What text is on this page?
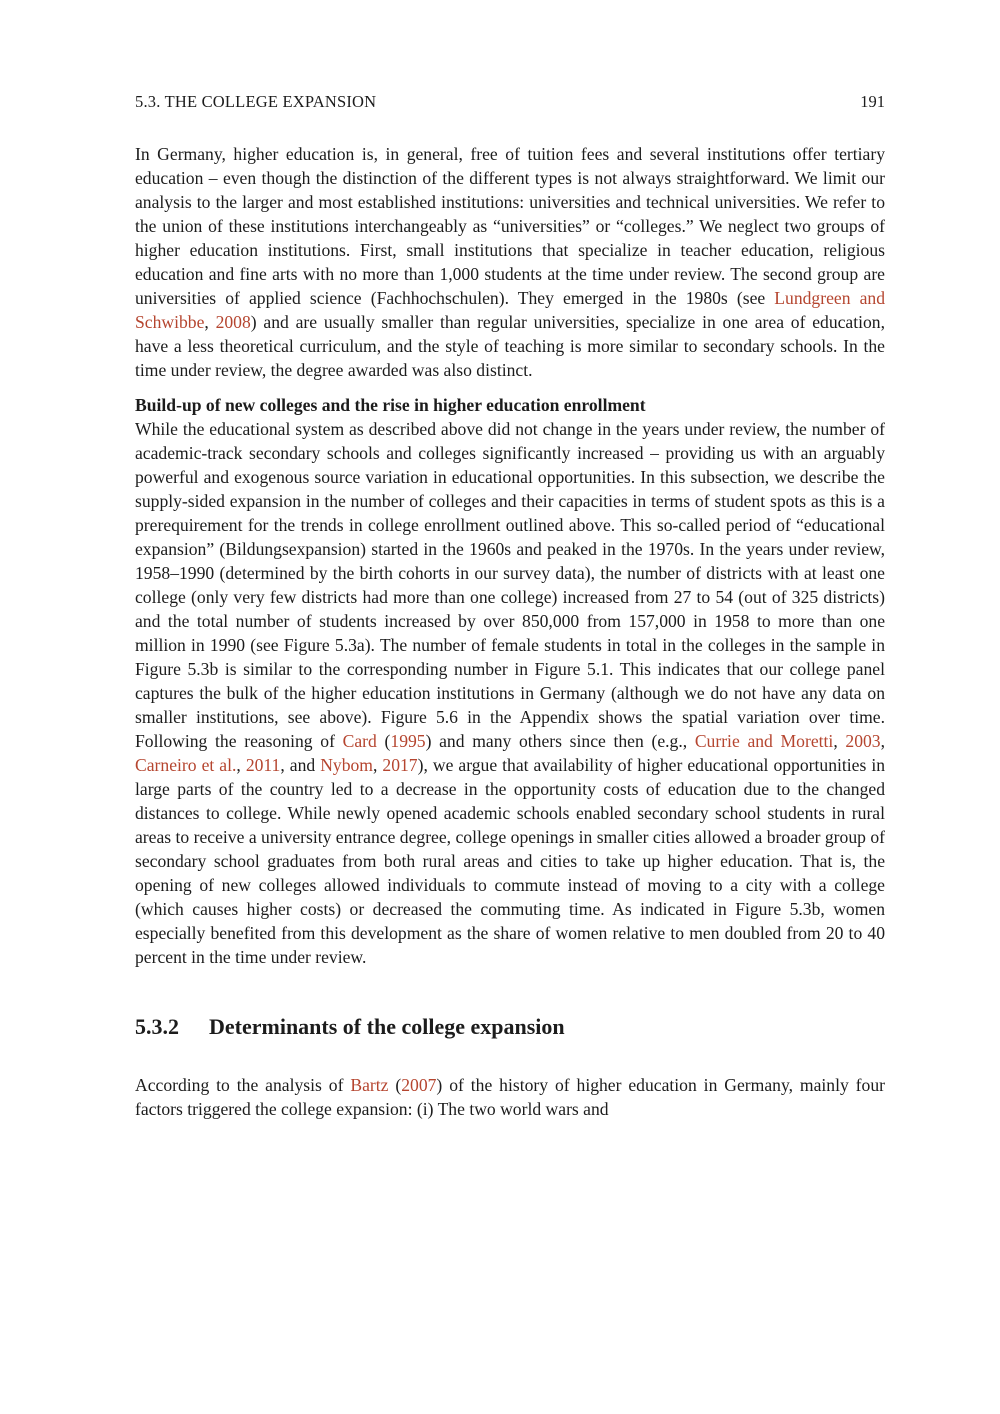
5.3. THE COLLEGE EXPANSION	191

In Germany, higher education is, in general, free of tuition fees and several institutions offer tertiary education – even though the distinction of the different types is not always straightforward. We limit our analysis to the larger and most established institutions: universities and technical universities. We refer to the union of these institutions interchangeably as “universities” or “colleges.” We neglect two groups of higher education institutions. First, small institutions that specialize in teacher education, religious education and fine arts with no more than 1,000 students at the time under review. The second group are universities of applied science (Fachhochschulen). They emerged in the 1980s (see Lundgreen and Schwibbe, 2008) and are usually smaller than regular universities, specialize in one area of education, have a less theoretical curriculum, and the style of teaching is more similar to secondary schools. In the time under review, the degree awarded was also distinct.

Build-up of new colleges and the rise in higher education enrollment

While the educational system as described above did not change in the years under review, the number of academic-track secondary schools and colleges significantly increased – providing us with an arguably powerful and exogenous source variation in educational opportunities. In this subsection, we describe the supply-sided expansion in the number of colleges and their capacities in terms of student spots as this is a prerequirement for the trends in college enrollment outlined above. This so-called period of “educational expansion” (Bildungsexpansion) started in the 1960s and peaked in the 1970s. In the years under review, 1958–1990 (determined by the birth cohorts in our survey data), the number of districts with at least one college (only very few districts had more than one college) increased from 27 to 54 (out of 325 districts) and the total number of students increased by over 850,000 from 157,000 in 1958 to more than one million in 1990 (see Figure 5.3a). The number of female students in total in the colleges in the sample in Figure 5.3b is similar to the corresponding number in Figure 5.1. This indicates that our college panel captures the bulk of the higher education institutions in Germany (although we do not have any data on smaller institutions, see above). Figure 5.6 in the Appendix shows the spatial variation over time. Following the reasoning of Card (1995) and many others since then (e.g., Currie and Moretti, 2003, Carneiro et al., 2011, and Nybom, 2017), we argue that availability of higher educational opportunities in large parts of the country led to a decrease in the opportunity costs of education due to the changed distances to college. While newly opened academic schools enabled secondary school students in rural areas to receive a university entrance degree, college openings in smaller cities allowed a broader group of secondary school graduates from both rural areas and cities to take up higher education. That is, the opening of new colleges allowed individuals to commute instead of moving to a city with a college (which causes higher costs) or decreased the commuting time. As indicated in Figure 5.3b, women especially benefited from this development as the share of women relative to men doubled from 20 to 40 percent in the time under review.

5.3.2 Determinants of the college expansion

According to the analysis of Bartz (2007) of the history of higher education in Germany, mainly four factors triggered the college expansion: (i) The two world wars and
